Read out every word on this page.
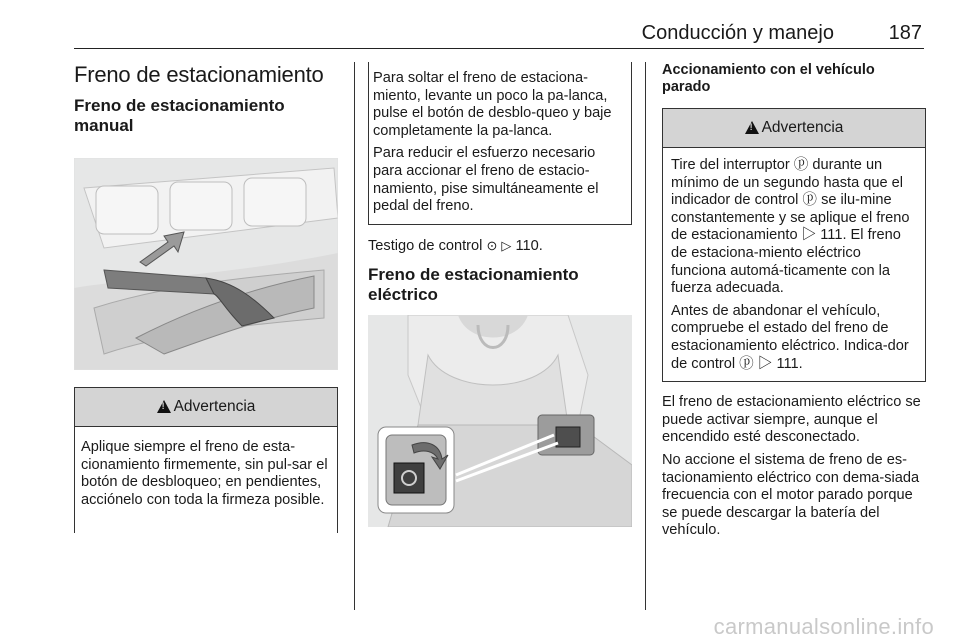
Conducción y manejo	187
Freno de estacionamiento
Freno de estacionamiento manual
!
Advertencia

Aplique siempre el freno de esta-cionamiento firmemente, sin pul-sar el botón de desbloqueo; en pendientes, acciónelo con toda la firmeza posible.

Para soltar el freno de estaciona-miento, levante un poco la pa-lanca, pulse el botón de desblo-queo y baje completamente la pa-lanca.

Para reducir el esfuerzo necesario para accionar el freno de estacio-namiento, pise simultáneamente el pedal del freno.

Testigo de control ⊙ ▷ 110.

Freno de estacionamiento eléctrico
Accionamiento con el vehículo parado
!
Advertencia

Tire del interruptor ⓟ durante un mínimo de un segundo hasta que el indicador de control ⓟ se ilu-mine constantemente y se aplique el freno de estacionamiento ▷ 111. El freno de estaciona-miento eléctrico funciona automá-ticamente con la fuerza adecuada.

Antes de abandonar el vehículo, compruebe el estado del freno de estacionamiento eléctrico. Indica-dor de control ⓟ ▷ 111.

El freno de estacionamiento eléctrico se puede activar siempre, aunque el encendido esté desconectado.

No accione el sistema de freno de es-tacionamiento eléctrico con dema-siada frecuencia con el motor parado porque se puede descargar la batería del vehículo.

carmanualsonline.info
